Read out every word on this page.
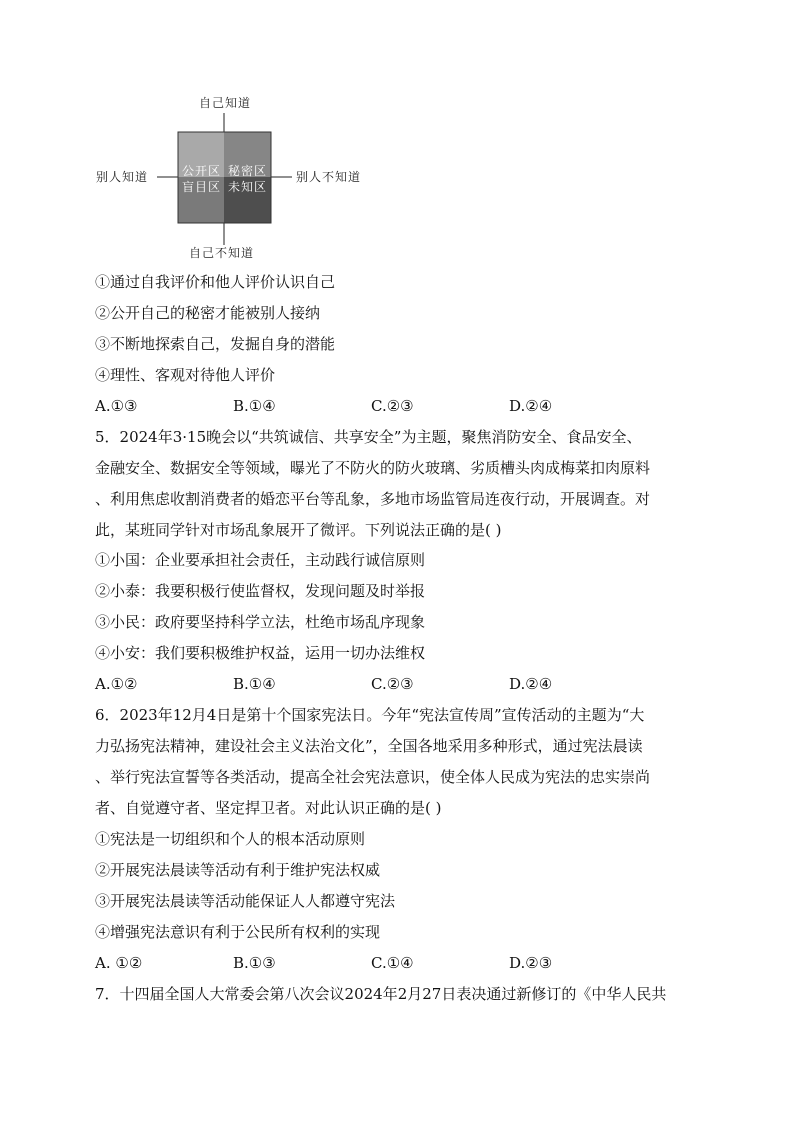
自己知道
自己不知道
别人知道	别人不知道
公开区 秘密区
盲目区 未知区
①通过自我评价和他人评价认识自己
②公开自己的秘密才能被别人接纳
③不断地探索自己，发掘自身的潜能
④理性、客观对待他人评价
A.①③	B.①④	C.②③	D.②④
5．2024年3·15晚会以“共筑诚信、共享安全”为主题，聚焦消防安全、食品安全、
金融安全、数据安全等领域，曝光了不防火的防火玻璃、劣质槽头肉成梅菜扣肉原料
、利用焦虑收割消费者的婚恋平台等乱象，多地市场监管局连夜行动，开展调查。对
此，某班同学针对市场乱象展开了微评。下列说法正确的是( )
①小国：企业要承担社会责任，主动践行诚信原则
②小泰：我要积极行使监督权，发现问题及时举报
③小民：政府要坚持科学立法，杜绝市场乱序现象
④小安：我们要积极维护权益，运用一切办法维权
A.①②	B.①④	C.②③	D.②④
6．2023年12月4日是第十个国家宪法日。今年“宪法宣传周”宣传活动的主题为“大
力弘扬宪法精神，建设社会主义法治文化”，全国各地采用多种形式，通过宪法晨读
、举行宪法宣誓等各类活动，提高全社会宪法意识，使全体人民成为宪法的忠实崇尚
者、自觉遵守者、坚定捍卫者。对此认识正确的是( )
①宪法是一切组织和个人的根本活动原则
②开展宪法晨读等活动有利于维护宪法权威
③开展宪法晨读等活动能保证人人都遵守宪法
④增强宪法意识有利于公民所有权利的实现
A. ①②	B.①③	C.①④	D.②③
7．十四届全国人大常委会第八次会议2024年2月27日表决通过新修订的《中华人民共
